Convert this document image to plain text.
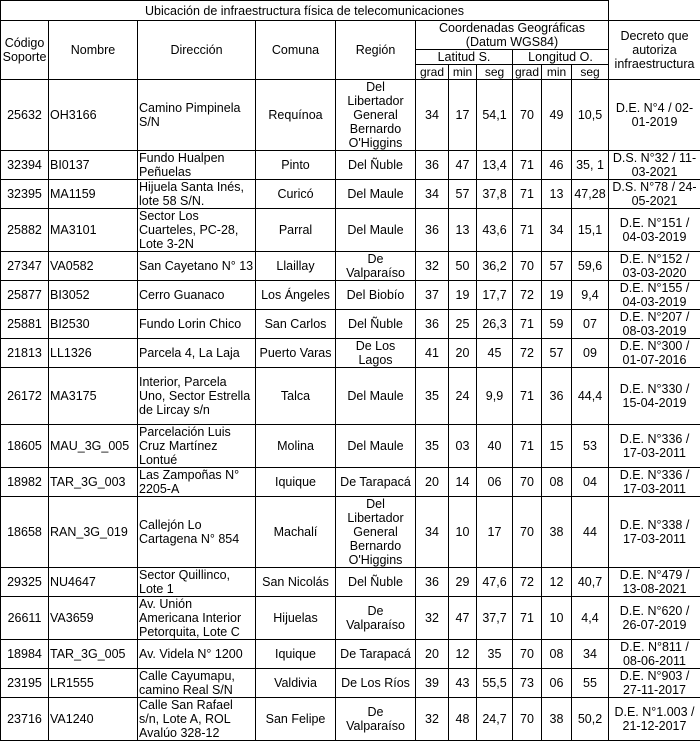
Ubicación de infraestructura física de telecomunicaciones											
Código Soporte	Nombre	Dirección	Comuna	Región	Coordenadas Geográficas (Datum WGS84)						Decreto que autoriza infraestructura
					Latitud S.			Longitud O.			
					grad	min	seg	grad	min	seg	
25632	OH3166	Camino Pimpinela S/N	Requínoa	Del Libertador General Bernardo O'Higgins	34	17	54,1	70	49	10,5	D.E. N°4 / 02-01-2019
32394	BI0137	Fundo Hualpen Peñuelas	Pinto	Del Ñuble	36	47	13,4	71	46	35, 1	D.S. N°32 / 11-03-2021
32395	MA1159	Hijuela Santa Inés, lote 58 S/N.	Curicó	Del Maule	34	57	37,8	71	13	47,28	D.S. N°78 / 24-05-2021
25882	MA3101	Sector Los Cuarteles, PC-28, Lote 3-2N	Parral	Del Maule	36	13	43,6	71	34	15,1	D.E. N°151 / 04-03-2019
27347	VA0582	San Cayetano N° 13	Llaillay	De Valparaíso	32	50	36,2	70	57	59,6	D.E. N°152 / 03-03-2020
25877	BI3052	Cerro Guanaco	Los Ángeles	Del Biobío	37	19	17,7	72	19	9,4	D.E. N°155 / 04-03-2019
25881	BI2530	Fundo Lorin Chico	San Carlos	Del Ñuble	36	25	26,3	71	59	07	D.E. N°207 / 08-03-2019
21813	LL1326	Parcela 4, La Laja	Puerto Varas	De Los Lagos	41	20	45	72	57	09	D.E. N°300 / 01-07-2016
26172	MA3175	Interior, Parcela Uno, Sector Estrella de Lircay s/n	Talca	Del Maule	35	24	9,9	71	36	44,4	D.E. N°330 / 15-04-2019
18605	MAU_3G_005	Parcelación Luis Cruz Martínez Lontué	Molina	Del Maule	35	03	40	71	15	53	D.E. N°336 / 17-03-2011
18982	TAR_3G_003	Las Zampoñas N° 2205-A	Iquique	De Tarapacá	20	14	06	70	08	04	D.E. N°336 / 17-03-2011
18658	RAN_3G_019	Callejón Lo Cartagena N° 854	Machalí	Del Libertador General Bernardo O'Higgins	34	10	17	70	38	44	D.E. N°338 / 17-03-2011
29325	NU4647	Sector Quillinco, Lote 1	San Nicolás	Del Ñuble	36	29	47,6	72	12	40,7	D.E. N°479 / 13-08-2021
26611	VA3659	Av. Unión Americana Interior Petorquita, Lote C	Hijuelas	De Valparaíso	32	47	37,7	71	10	4,4	D.E. N°620 / 26-07-2019
18984	TAR_3G_005	Av. Videla N° 1200	Iquique	De Tarapacá	20	12	35	70	08	34	D.E. N°811 / 08-06-2011
23195	LR1555	Calle Cayumapu, camino Real S/N	Valdivia	De Los Ríos	39	43	55,5	73	06	55	D.E. N°903 / 27-11-2017
23716	VA1240	Calle San Rafael s/n, Lote A, ROL Avalúo 328-12	San Felipe	De Valparaíso	32	48	24,7	70	38	50,2	D.E. N°1.003 / 21-12-2017
